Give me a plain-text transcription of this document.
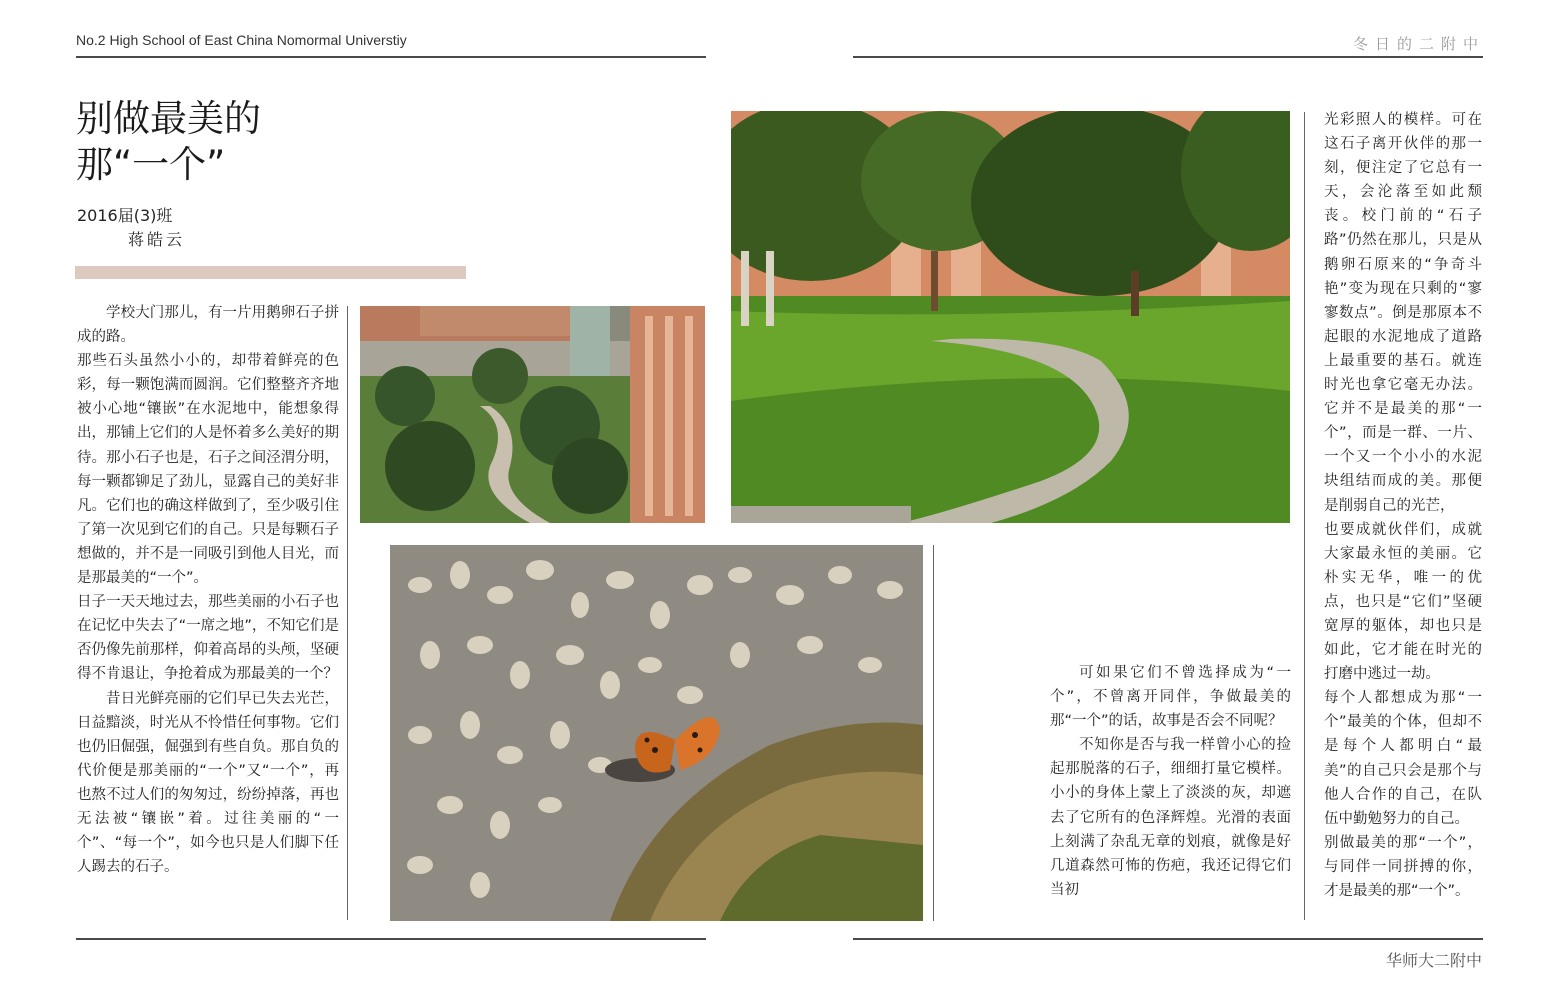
No.2 High School of East China Nomormal Universtiy	冬日的二附中
别做最美的
那“一个”
2016届(3)班
蒋皓云

学校大门那儿，有一片用鹅卵石子拼成的路。

那些石头虽然小小的，却带着鲜亮的色彩，每一颗饱满而圆润。它们整整齐齐地被小心地“镶嵌”在水泥地中，能想象得出，那铺上它们的人是怀着多么美好的期待。那小石子也是，石子之间泾渭分明，每一颗都铆足了劲儿，显露自己的美好非凡。它们也的确这样做到了，至少吸引住了第一次见到它们的自己。只是每颗石子想做的，并不是一同吸引到他人目光，而是那最美的“一个”。

日子一天天地过去，那些美丽的小石子也在记忆中失去了“一席之地”，不知它们是否仍像先前那样，仰着高昂的头颅，坚硬得不肯退让，争抢着成为那最美的一个？

昔日光鲜亮丽的它们早已失去光芒，日益黯淡，时光从不怜惜任何事物。它们也仍旧倔强，倔强到有些自负。那自负的代价便是那美丽的“一个”又“一个”，再也熬不过人们的匆匆过，纷纷掉落，再也无法被“镶嵌”着。过往美丽的“一个”、“每一个”，如今也只是人们脚下任人踢去的石子。

可如果它们不曾选择成为“一个”，不曾离开同伴，争做最美的那“一个”的话，故事是否会不同呢？

不知你是否与我一样曾小心的捡起那脱落的石子，细细打量它模样。小小的身体上蒙上了淡淡的灰，却遮去了它所有的色泽辉煌。光滑的表面上刻满了杂乱无章的划痕，就像是好几道森然可怖的伤疤，我还记得它们当初

光彩照人的模样。可在这石子离开伙伴的那一刻，便注定了它总有一天，会沦落至如此颓丧。校门前的“石子路”仍然在那儿，只是从鹅卵石原来的“争奇斗艳”变为现在只剩的“寥寥数点”。倒是那原本不起眼的水泥地成了道路上最重要的基石。就连时光也拿它毫无办法。它并不是最美的那“一个”，而是一群、一片、一个又一个小小的水泥块组结而成的美。那便是削弱自己的光芒，

也要成就伙伴们，成就大家最永恒的美丽。它朴实无华，唯一的优点，也只是“它们”坚硬宽厚的躯体，却也只是如此，它才能在时光的打磨中逃过一劫。

每个人都想成为那“一个”最美的个体，但却不是每个人都明白“最美”的自己只会是那个与他人合作的自己，在队伍中勤勉努力的自己。

别做最美的那“一个”，与同伴一同拼搏的你，才是最美的那“一个”。

华师大二附中
